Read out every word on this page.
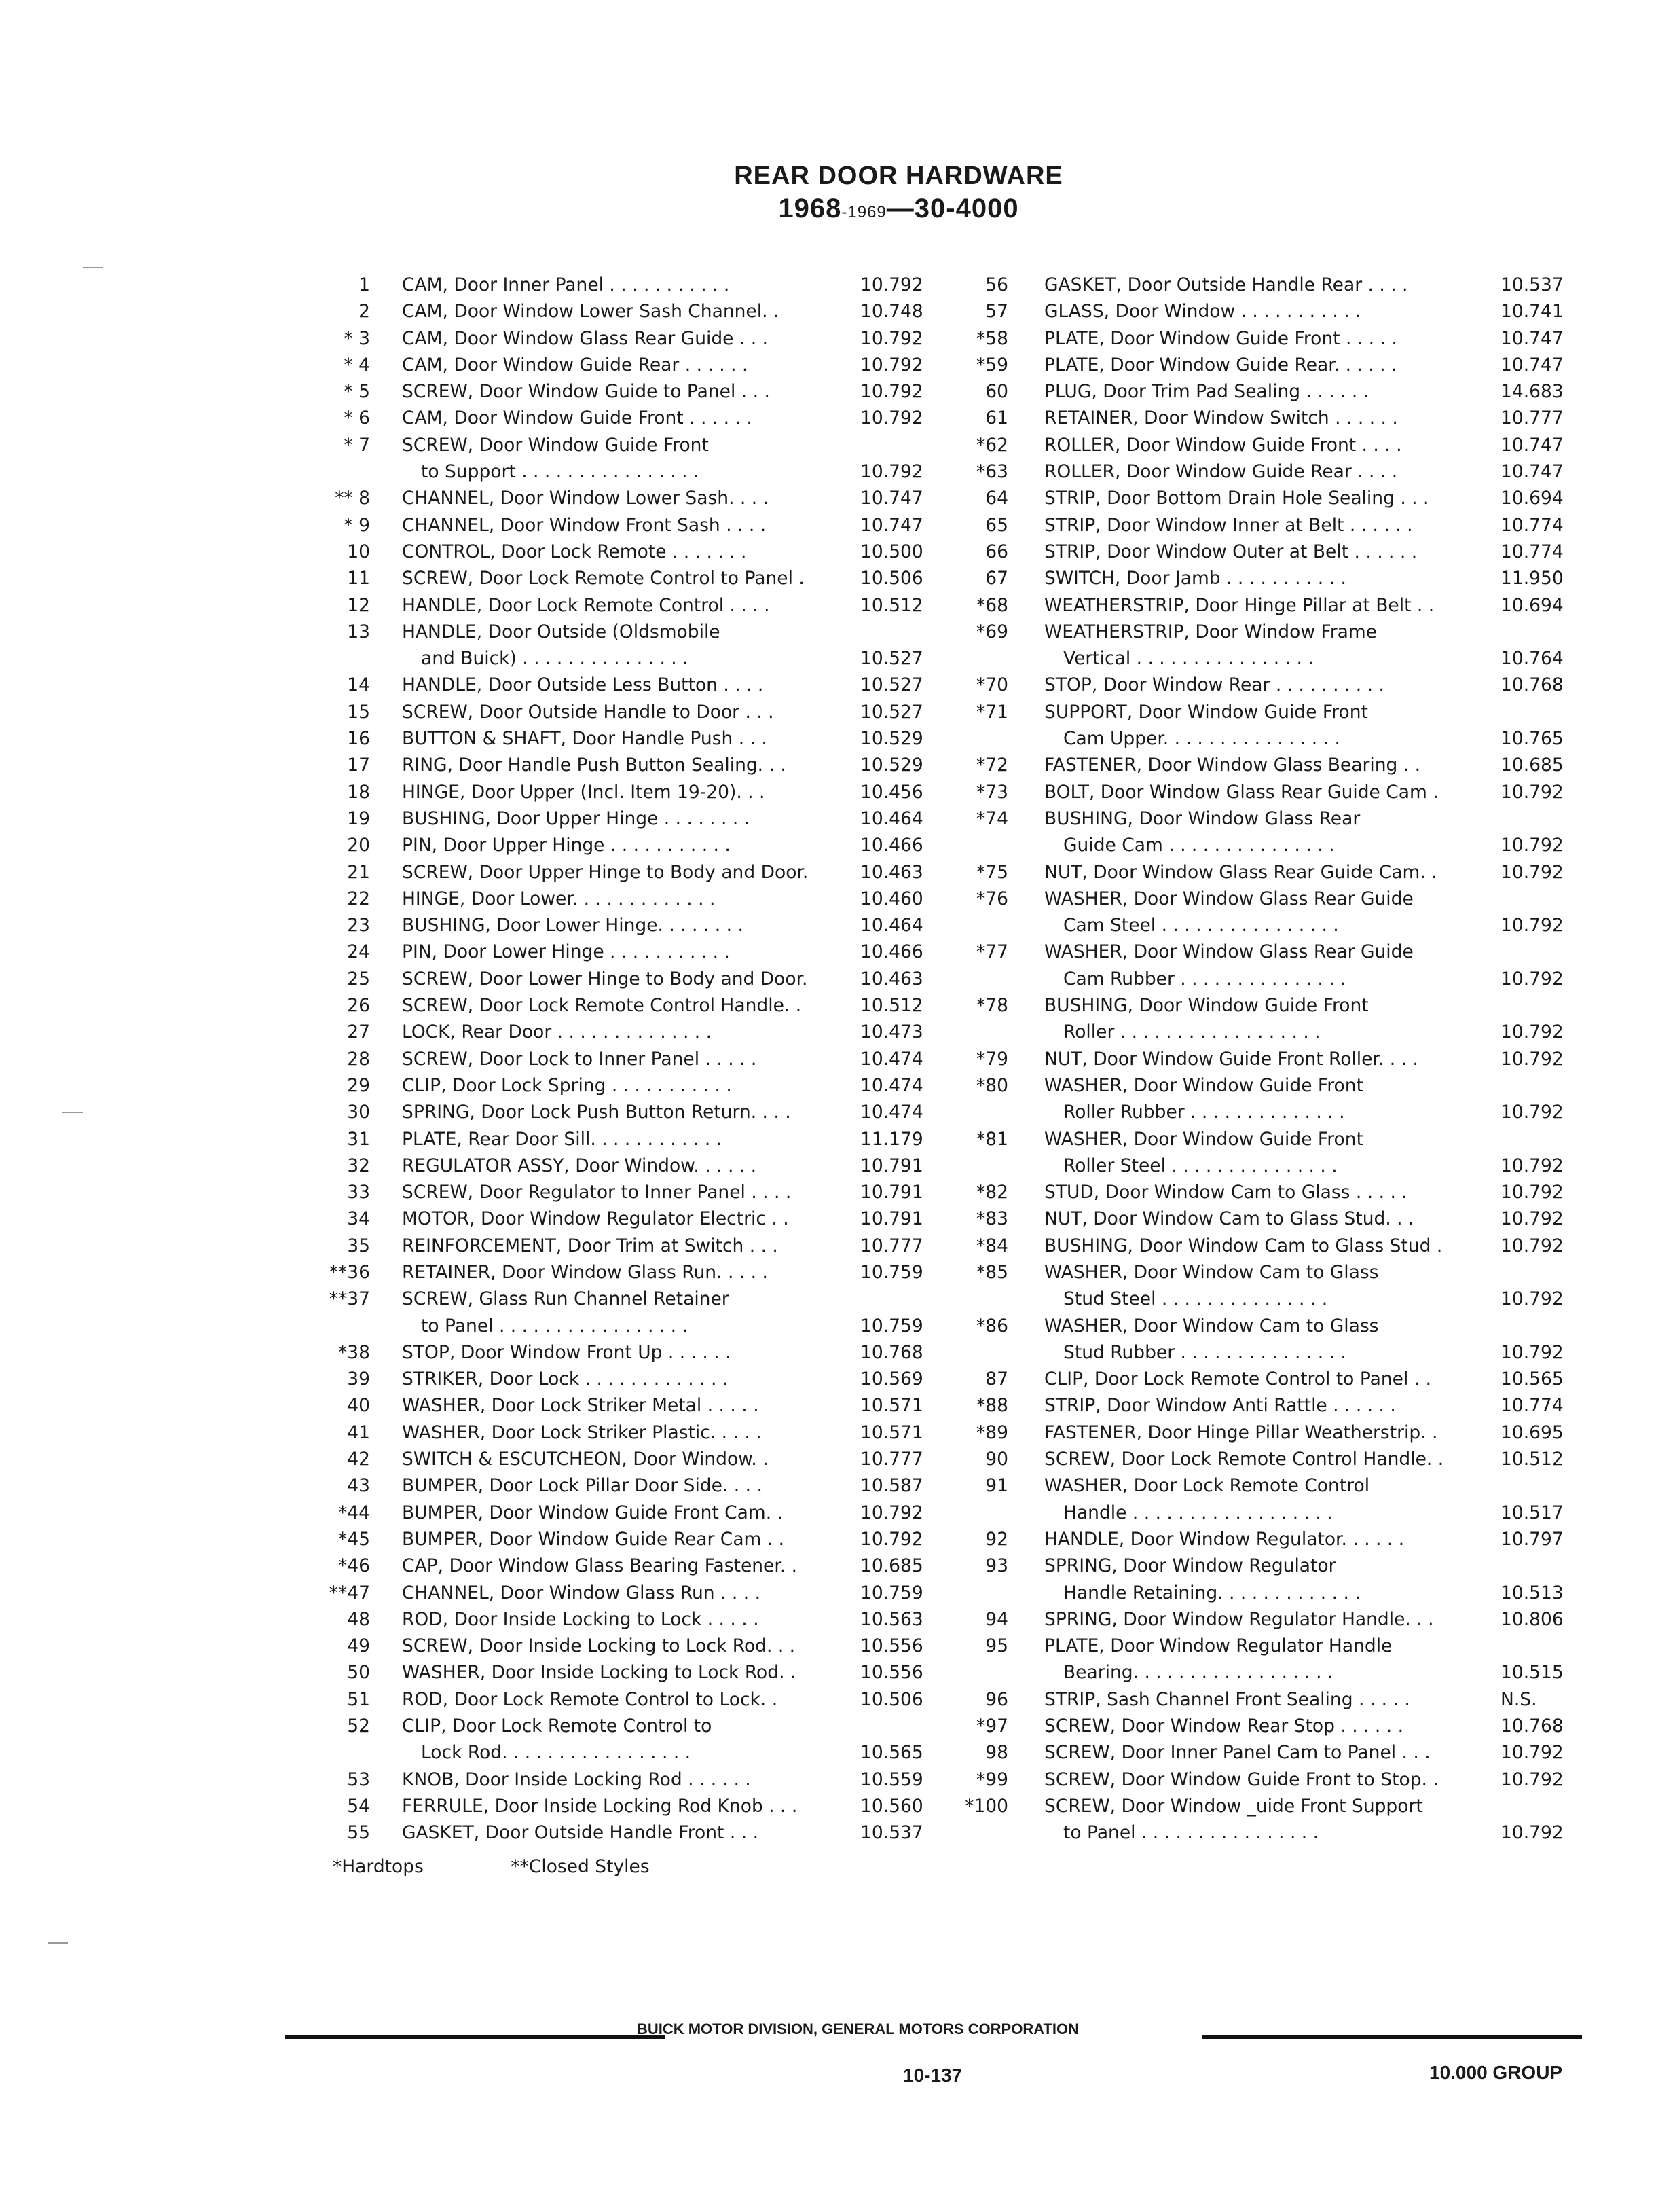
REAR DOOR HARDWARE
1968-1969—30-4000
1 CAM, Door Inner Panel . . . . . . . . . . .	10.792
2 CAM, Door Window Lower Sash Channel. .	10.748
* 3 CAM, Door Window Glass Rear Guide . . .	10.792
* 4 CAM, Door Window Guide Rear . . . . . .	10.792
* 5 SCREW, Door Window Guide to Panel . . .	10.792
* 6 CAM, Door Window Guide Front . . . . . .	10.792
* 7 SCREW, Door Window Guide Front
to Support . . . . . . . . . . . . . . . .	10.792
** 8 CHANNEL, Door Window Lower Sash. . . .	10.747
* 9 CHANNEL, Door Window Front Sash . . . .	10.747
10 CONTROL, Door Lock Remote . . . . . . .	10.500
11 SCREW, Door Lock Remote Control to Panel .	10.506
12 HANDLE, Door Lock Remote Control . . . .	10.512
13 HANDLE, Door Outside (Oldsmobile
and Buick) . . . . . . . . . . . . . . .	10.527
14 HANDLE, Door Outside Less Button . . . .	10.527
15 SCREW, Door Outside Handle to Door . . .	10.527
16 BUTTON & SHAFT, Door Handle Push . . .	10.529
17 RING, Door Handle Push Button Sealing. . .	10.529
18 HINGE, Door Upper (Incl. Item 19-20). . .	10.456
19 BUSHING, Door Upper Hinge . . . . . . . .	10.464
20 PIN, Door Upper Hinge . . . . . . . . . . .	10.466
21 SCREW, Door Upper Hinge to Body and Door.	10.463
22 HINGE, Door Lower. . . . . . . . . . . . .	10.460
23 BUSHING, Door Lower Hinge. . . . . . . .	10.464
24 PIN, Door Lower Hinge . . . . . . . . . . .	10.466
25 SCREW, Door Lower Hinge to Body and Door.	10.463
26 SCREW, Door Lock Remote Control Handle. .	10.512
27 LOCK, Rear Door . . . . . . . . . . . . . .	10.473
28 SCREW, Door Lock to Inner Panel . . . . .	10.474
29 CLIP, Door Lock Spring . . . . . . . . . . .	10.474
30 SPRING, Door Lock Push Button Return. . . .	10.474
31 PLATE, Rear Door Sill. . . . . . . . . . . .	11.179
32 REGULATOR ASSY, Door Window. . . . . .	10.791
33 SCREW, Door Regulator to Inner Panel . . . .	10.791
34 MOTOR, Door Window Regulator Electric . .	10.791
35 REINFORCEMENT, Door Trim at Switch . . .	10.777
**36 RETAINER, Door Window Glass Run. . . . .	10.759
**37 SCREW, Glass Run Channel Retainer
to Panel . . . . . . . . . . . . . . . . .	10.759
*38 STOP, Door Window Front Up . . . . . .	10.768
39 STRIKER, Door Lock . . . . . . . . . . . . .	10.569
40 WASHER, Door Lock Striker Metal . . . . .	10.571
41 WASHER, Door Lock Striker Plastic. . . . .	10.571
42 SWITCH & ESCUTCHEON, Door Window. .	10.777
43 BUMPER, Door Lock Pillar Door Side. . . .	10.587
*44 BUMPER, Door Window Guide Front Cam. .	10.792
*45 BUMPER, Door Window Guide Rear Cam . .	10.792
*46 CAP, Door Window Glass Bearing Fastener. .	10.685
**47 CHANNEL, Door Window Glass Run . . . .	10.759
48 ROD, Door Inside Locking to Lock . . . . .	10.563
49 SCREW, Door Inside Locking to Lock Rod. . .	10.556
50 WASHER, Door Inside Locking to Lock Rod. .	10.556
51 ROD, Door Lock Remote Control to Lock. .	10.506
52 CLIP, Door Lock Remote Control to
Lock Rod. . . . . . . . . . . . . . . . .	10.565
53 KNOB, Door Inside Locking Rod . . . . . .	10.559
54 FERRULE, Door Inside Locking Rod Knob . . .	10.560
55 GASKET, Door Outside Handle Front . . .	10.537
56 GASKET, Door Outside Handle Rear . . . .	10.537
57 GLASS, Door Window . . . . . . . . . . .	10.741
*58 PLATE, Door Window Guide Front . . . . .	10.747
*59 PLATE, Door Window Guide Rear. . . . . .	10.747
60 PLUG, Door Trim Pad Sealing . . . . . .	14.683
61 RETAINER, Door Window Switch . . . . . .	10.777
*62 ROLLER, Door Window Guide Front . . . .	10.747
*63 ROLLER, Door Window Guide Rear . . . .	10.747
64 STRIP, Door Bottom Drain Hole Sealing . . .	10.694
65 STRIP, Door Window Inner at Belt . . . . . .	10.774
66 STRIP, Door Window Outer at Belt . . . . . .	10.774
67 SWITCH, Door Jamb . . . . . . . . . . .	11.950
*68 WEATHERSTRIP, Door Hinge Pillar at Belt . .	10.694
*69 WEATHERSTRIP, Door Window Frame
Vertical . . . . . . . . . . . . . . . .	10.764
*70 STOP, Door Window Rear . . . . . . . . . .	10.768
*71 SUPPORT, Door Window Guide Front
Cam Upper. . . . . . . . . . . . . . . .	10.765
*72 FASTENER, Door Window Glass Bearing . .	10.685
*73 BOLT, Door Window Glass Rear Guide Cam .	10.792
*74 BUSHING, Door Window Glass Rear
Guide Cam . . . . . . . . . . . . . . .	10.792
*75 NUT, Door Window Glass Rear Guide Cam. .	10.792
*76 WASHER, Door Window Glass Rear Guide
Cam Steel . . . . . . . . . . . . . . . .	10.792
*77 WASHER, Door Window Glass Rear Guide
Cam Rubber . . . . . . . . . . . . . . .	10.792
*78 BUSHING, Door Window Guide Front
Roller . . . . . . . . . . . . . . . . . .	10.792
*79 NUT, Door Window Guide Front Roller. . . .	10.792
*80 WASHER, Door Window Guide Front
Roller Rubber . . . . . . . . . . . . . .	10.792
*81 WASHER, Door Window Guide Front
Roller Steel . . . . . . . . . . . . . . .	10.792
*82 STUD, Door Window Cam to Glass . . . . .	10.792
*83 NUT, Door Window Cam to Glass Stud. . .	10.792
*84 BUSHING, Door Window Cam to Glass Stud .	10.792
*85 WASHER, Door Window Cam to Glass
Stud Steel . . . . . . . . . . . . . . .	10.792
*86 WASHER, Door Window Cam to Glass
Stud Rubber . . . . . . . . . . . . . . .	10.792
87 CLIP, Door Lock Remote Control to Panel . .	10.565
*88 STRIP, Door Window Anti Rattle . . . . . .	10.774
*89 FASTENER, Door Hinge Pillar Weatherstrip. .	10.695
90 SCREW, Door Lock Remote Control Handle. .	10.512
91 WASHER, Door Lock Remote Control
Handle . . . . . . . . . . . . . . . . . .	10.517
92 HANDLE, Door Window Regulator. . . . . .	10.797
93 SPRING, Door Window Regulator
Handle Retaining. . . . . . . . . . . . .	10.513
94 SPRING, Door Window Regulator Handle. . .	10.806
95 PLATE, Door Window Regulator Handle
Bearing. . . . . . . . . . . . . . . . . .	10.515
96 STRIP, Sash Channel Front Sealing . . . . .	N.S.
*97 SCREW, Door Window Rear Stop . . . . . .	10.768
98 SCREW, Door Inner Panel Cam to Panel . . .	10.792
*99 SCREW, Door Window Guide Front to Stop. .	10.792
*100 SCREW, Door Window _uide Front Support
to Panel . . . . . . . . . . . . . . . .	10.792
*Hardtops	**Closed Styles
BUICK MOTOR DIVISION, GENERAL MOTORS CORPORATION
10-137	10.000 GROUP
